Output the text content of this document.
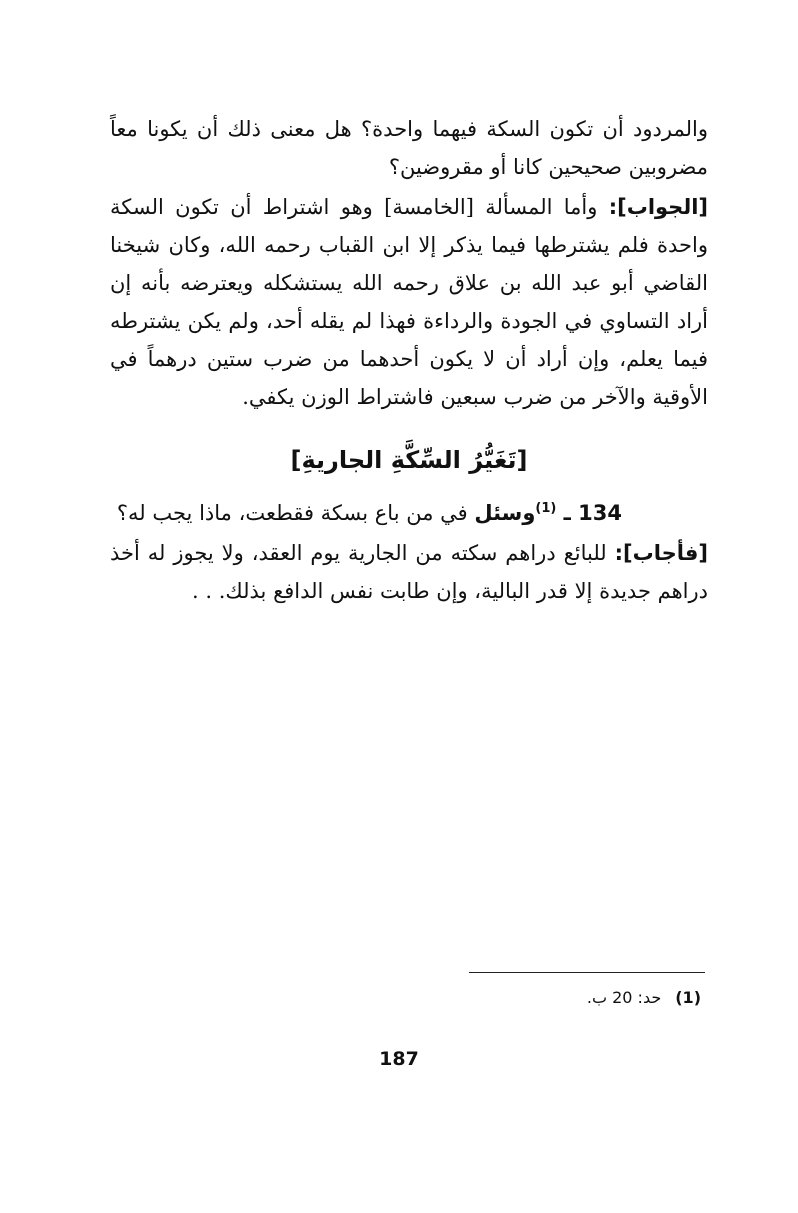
والمردود أن تكون السكة فيهما واحدة؟ هل معنى ذلك أن يكونا معاً مضروبين صحيحين كانا أو مقروضين؟

[الجواب]: وأما المسألة [الخامسة] وهو اشتراط أن تكون السكة واحدة فلم يشترطها فيما يذكر إلا ابن القباب رحمه الله، وكان شيخنا القاضي أبو عبد الله بن علاق رحمه الله يستشكله ويعترضه بأنه إن أراد التساوي في الجودة والرداءة فهذا لم يقله أحد، ولم يكن يشترطه فيما يعلم، وإن أراد أن لا يكون أحدهما من ضرب ستين درهماً في الأوقية والآخر من ضرب سبعين فاشتراط الوزن يكفي.

[تَغَيُّرُ السِّكَّةِ الجاريةِ]

134 ـ $^{(1)}$وسئل في من باع بسكة فقطعت، ماذا يجب له؟

[فأجاب]: للبائع دراهم سكته من الجارية يوم العقد، ولا يجوز له أخذ دراهم جديدة إلا قدر البالية، وإن طابت نفس الدافع بذلك. . .

(1)حد: 20 ب.
187
